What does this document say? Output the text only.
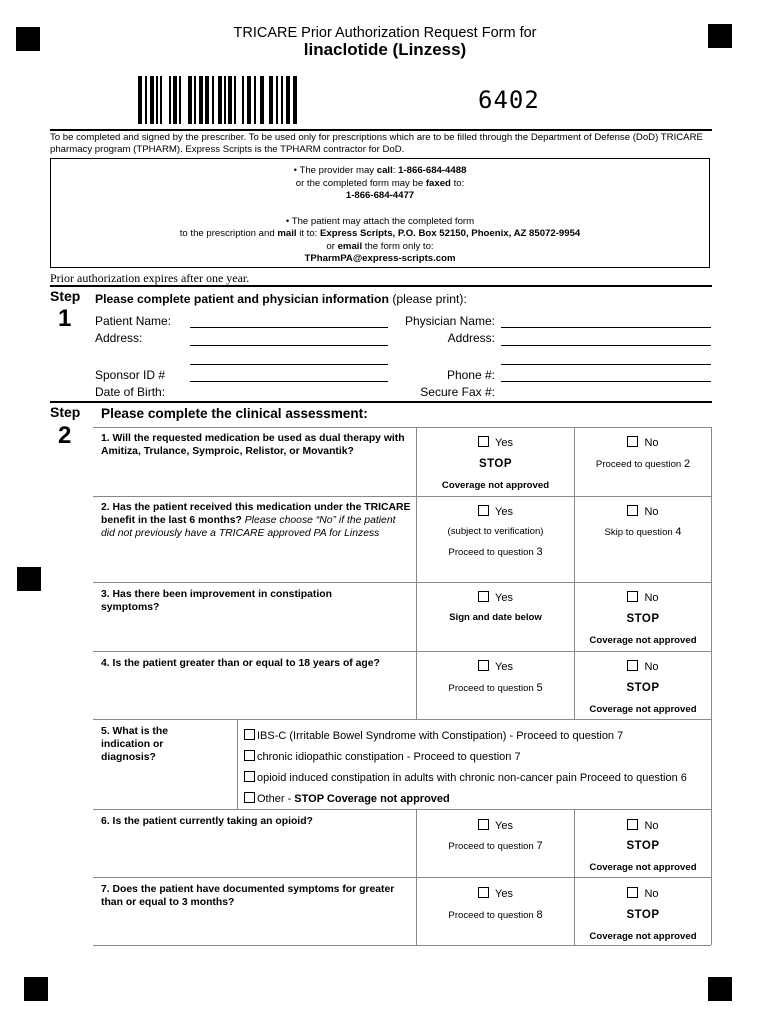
TRICARE Prior Authorization Request Form for
linaclotide (Linzess)
6402
To be completed and signed by the prescriber. To be used only for prescriptions which are to be filled through the Department of Defense (DoD) TRICARE pharmacy program (TPHARM). Express Scripts is the TPHARM contractor for DoD.
• The provider may call: 1-866-684-4488
or the completed form may be faxed to:
1-866-684-4477
• The patient may attach the completed form
to the prescription and mail it to: Express Scripts, P.O. Box 52150, Phoenix, AZ 85072-9954
or email the form only to:
TPharmPA@express-scripts.com
Prior authorization expires after one year.
Step
1
Please complete patient and physician information (please print):
Patient Name:
Address:
Sponsor ID #
Date of Birth:
Physician Name:
Address:
Phone #:
Secure Fax #:
Step
2
Please complete the clinical assessment:
1. Will the requested medication be used as dual therapy with Amitiza, Trulance, Symproic, Relistor, or Movantik?
Yes
STOP
Coverage not approved
No
Proceed to question 2
2. Has the patient received this medication under the TRICARE benefit in the last 6 months? Please choose “No” if the patient did not previously have a TRICARE approved PA for Linzess
Yes
(subject to verification)
Proceed to question 3
No
Skip to question 4
3. Has there been improvement in constipation symptoms?
Yes
Sign and date below
No
STOP
Coverage not approved
4. Is the patient greater than or equal to 18 years of age?	Yes
Proceed to question 5
No
STOP
Coverage not approved
5. What is the indication or diagnosis?
IBS-C (Irritable Bowel Syndrome with Constipation) - Proceed to question 7
chronic idiopathic constipation - Proceed to question 7
opioid induced constipation in adults with chronic non-cancer pain Proceed to question 6
Other - STOP Coverage not approved
6. Is the patient currently taking an opioid?	Yes
Proceed to question 7
No
STOP
Coverage not approved
7. Does the patient have documented symptoms for greater than or equal to 3 months?
Yes
Proceed to question 8
No
STOP
Coverage not approved
